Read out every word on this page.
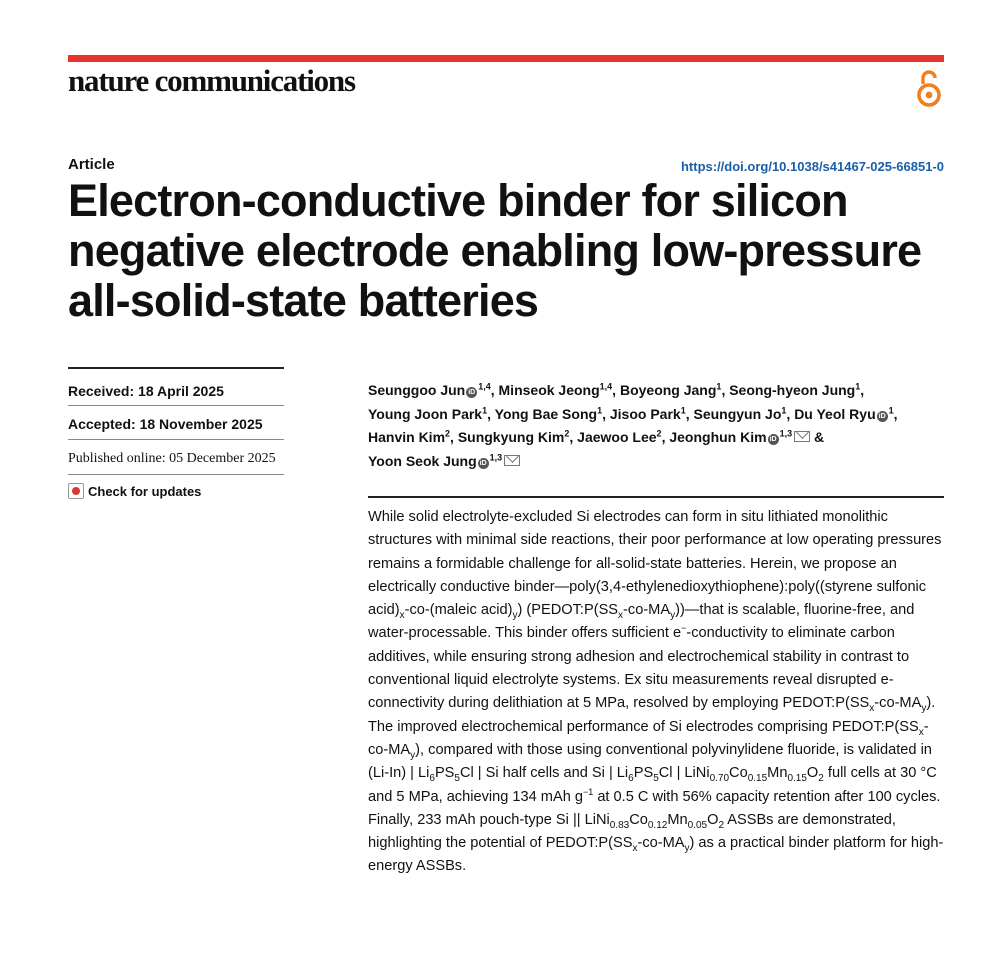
nature communications
Article	https://doi.org/10.1038/s41467-025-66851-0
Electron-conductive binder for silicon negative electrode enabling low-pressure all-solid-state batteries
Received: 18 April 2025
Accepted: 18 November 2025
Published online: 05 December 2025
Check for updates
Seunggoo Jun iD$^{1,4}$, Minseok Jeong$^{1,4}$, Boyeong Jang$^1$, Seong-hyeon Jung$^1$,
Young Joon Park$^1$, Yong Bae Song$^1$, Jisoo Park$^1$, Seungyun Jo$^1$, Du Yeol Ryu $iD^1$,
Hanvin Kim$^2$, Sungkyung Kim$^2$, Jaewoo Lee$^2$, Jeonghun Kim iD$^{1,3}$ &
Yoon Seok Jung iD$^{1,3}$

While solid electrolyte-excluded Si electrodes can form in situ lithiated monolithic structures with minimal side reactions, their poor performance at low operating pressures remains a formidable challenge for all-solid-state batteries. Herein, we propose an electrically conductive binder—poly(3,4-ethylenedioxythiophene):poly((styrene sulfonic $acid)_x-co-(maleic$ $acid)_y$) $(PEDOT:P(SS_x-co-MA_y))—that$ is scalable, fluorine-free, and water-processable. This binder offers sufficient e−-conductivity to eliminate carbon additives, while ensuring strong adhesion and electrochemical stability in contrast to conventional liquid electrolyte systems. Ex situ measurements reveal disrupted e-connectivity during delithiation at 5 MPa, resolved by employing $PEDOT:P(SS_x-co-MA_y)$. The improved electrochemical performance of Si electrodes comprising $PEDOT:P(SS_x-co-MA_y)$, compared with those using conventional polyvinylidene fluoride, is validated in (Li-In) | $Li_6PS_5Cl$ | Si half cells and Si | $Li_6PS_5Cl$ | $LiNi_{0.70}Co_{0.15}Mn_{0.15}O_2$ full cells at 30 °C and 5 MPa, achieving 134 mAh $g^{-1}$ at 0.5 C with 56% capacity retention after 100 cycles. Finally, 233 mAh pouch-type Si || $LiNi_{0.83}Co_{0.12}Mn_{0.05}O_2$ ASSBs are demonstrated, highlighting the potential of $PEDOT:P(SS_x-co-MA_y)$ as a practical binder platform for high-energy ASSBs.
